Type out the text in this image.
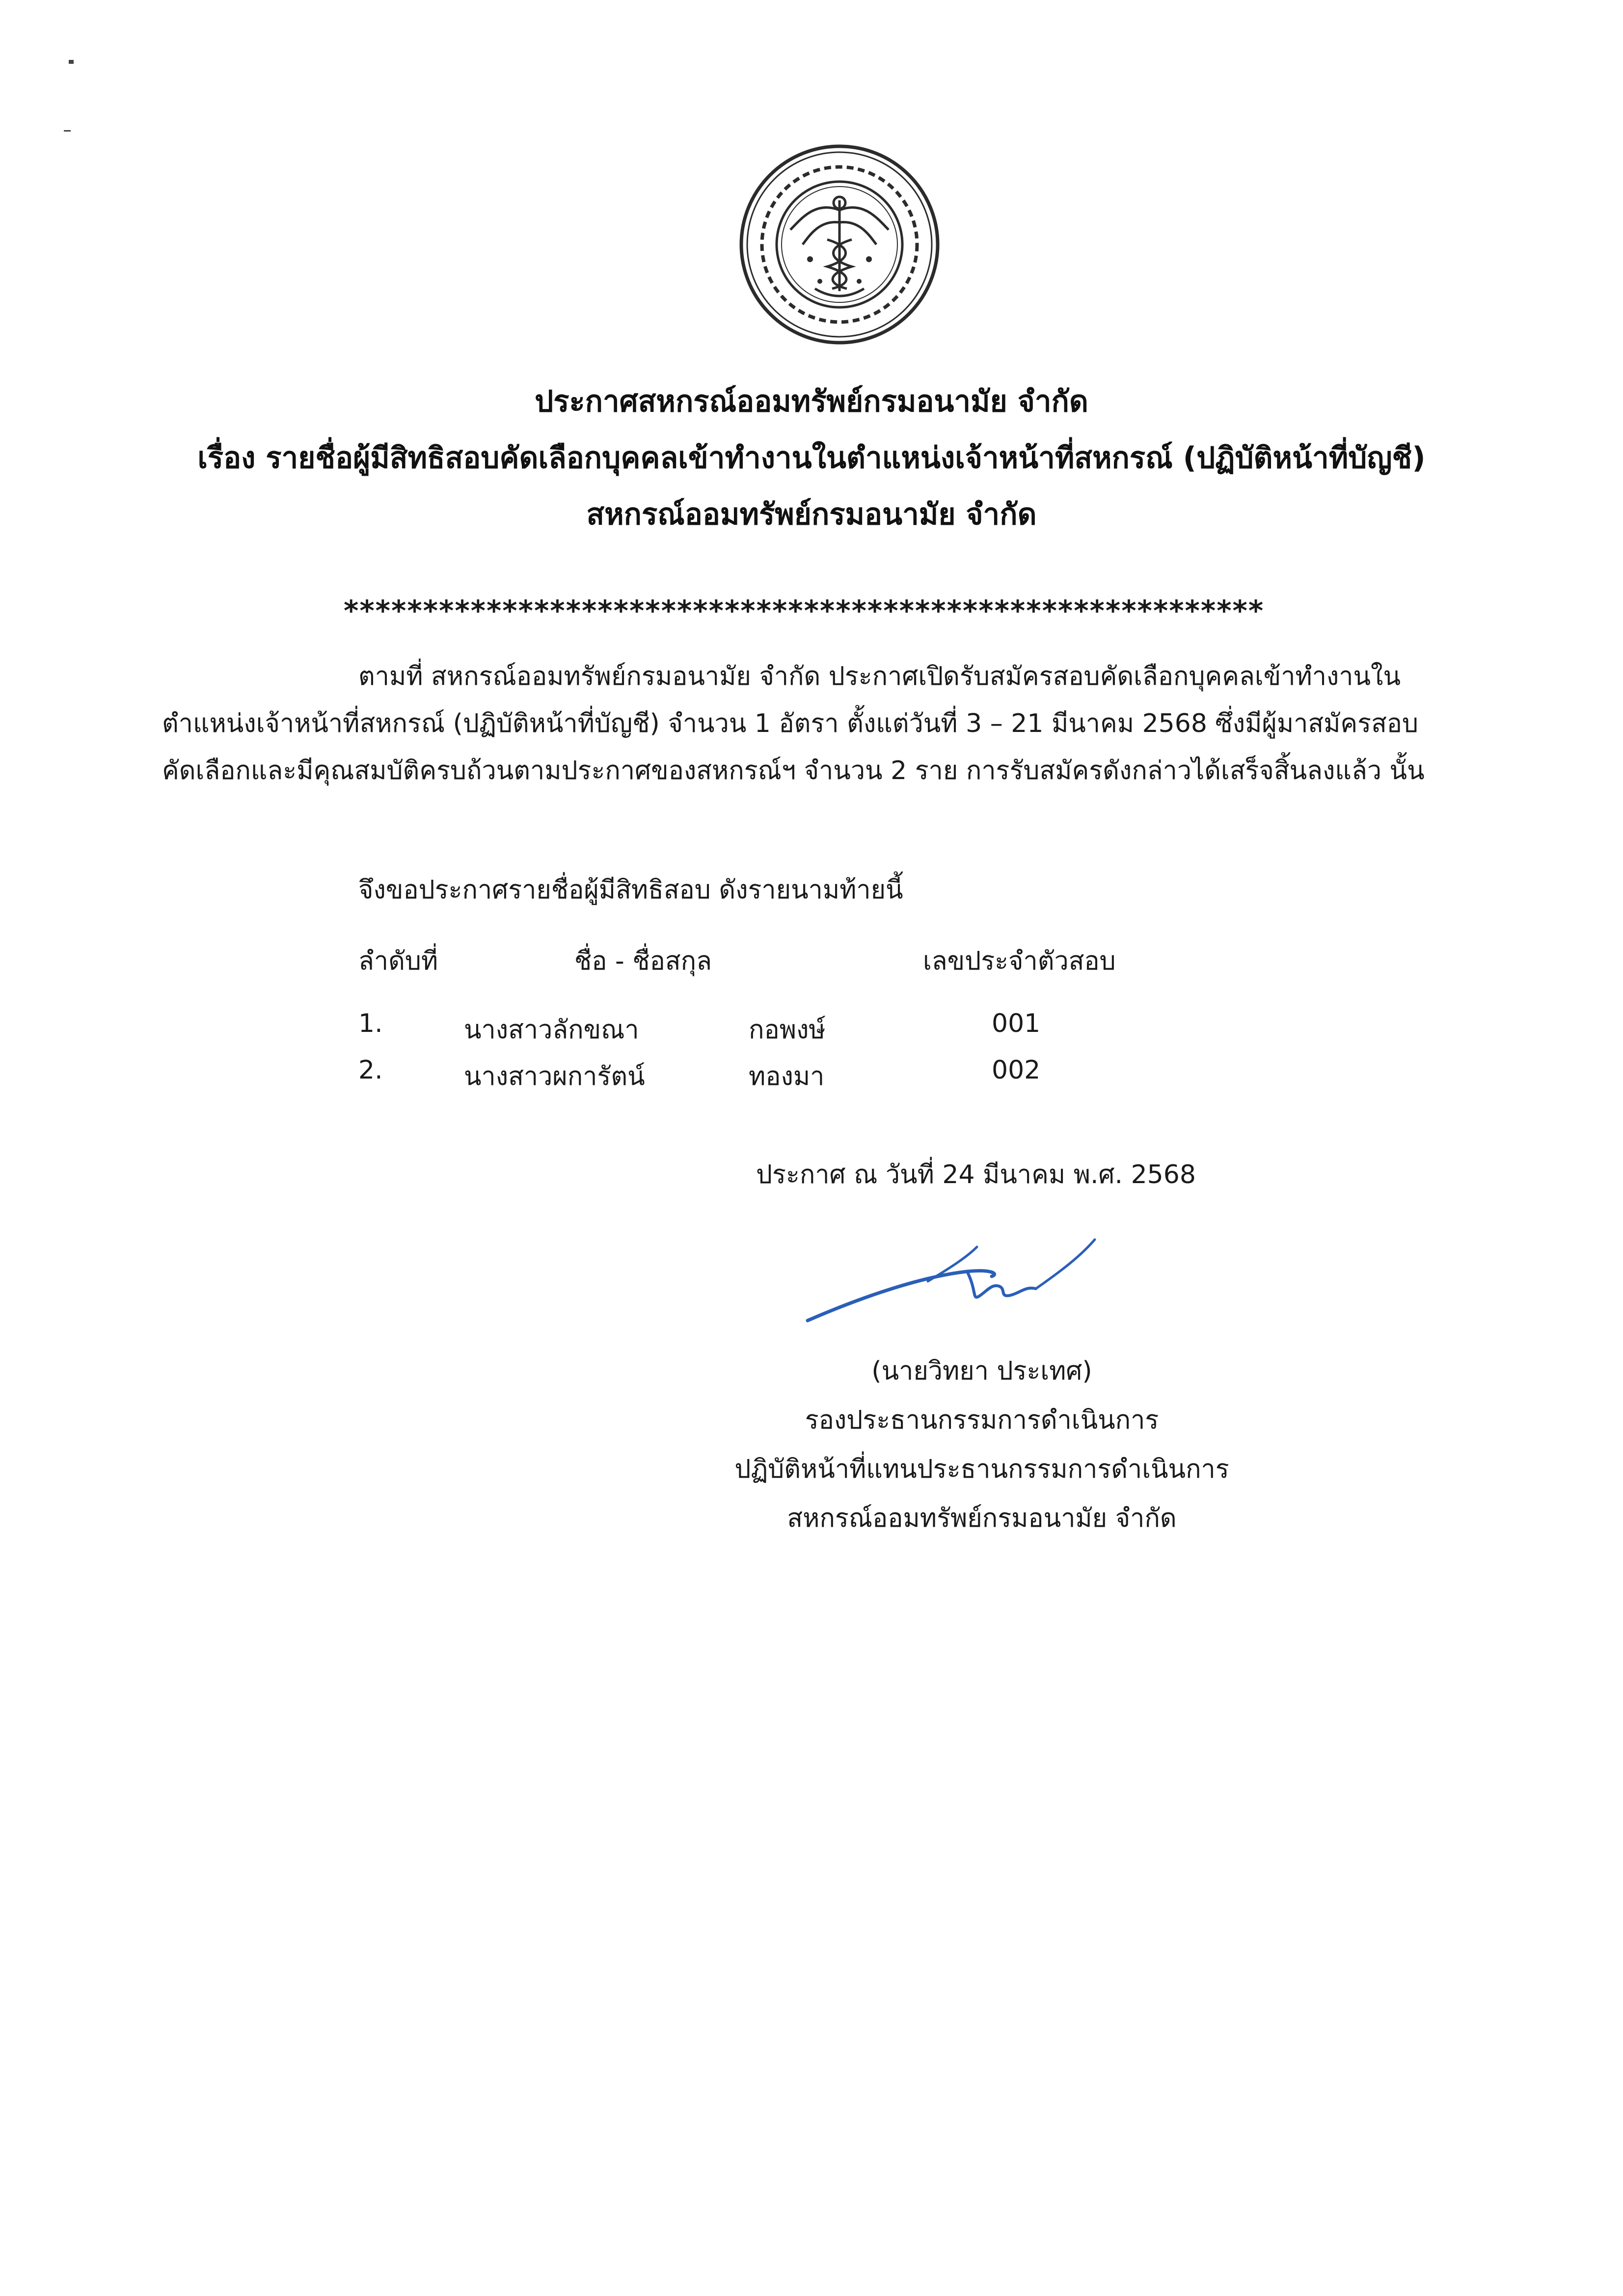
ประกาศสหกรณ์ออมทรัพย์กรมอนามัย จำกัด
เรื่อง รายชื่อผู้มีสิทธิสอบคัดเลือกบุคคลเข้าทำงานในตำแหน่งเจ้าหน้าที่สหกรณ์ (ปฏิบัติหน้าที่บัญชี)
สหกรณ์ออมทรัพย์กรมอนามัย จำกัด
**********************************************************

ตามที่ สหกรณ์ออมทรัพย์กรมอนามัย จำกัด ประกาศเปิดรับสมัครสอบคัดเลือกบุคคลเข้าทำงานในตำแหน่งเจ้าหน้าที่สหกรณ์ (ปฏิบัติหน้าที่บัญชี) จำนวน 1 อัตรา ตั้งแต่วันที่ 3 – 21 มีนาคม 2568 ซึ่งมีผู้มาสมัครสอบคัดเลือกและมีคุณสมบัติครบถ้วนตามประกาศของสหกรณ์ฯ จำนวน 2 ราย การรับสมัครดังกล่าวได้เสร็จสิ้นลงแล้ว นั้น

จึงขอประกาศรายชื่อผู้มีสิทธิสอบ ดังรายนามท้ายนี้
ลำดับที่	ชื่อ - ชื่อสกุล	เลขประจำตัวสอบ
1.	นางสาวลักขณา	กอพงษ์	001
2.	นางสาวผการัตน์	ทองมา	002
ประกาศ ณ วันที่ 24 มีนาคม พ.ศ. 2568
(นายวิทยา ประเทศ)
รองประธานกรรมการดำเนินการ
ปฏิบัติหน้าที่แทนประธานกรรมการดำเนินการ
สหกรณ์ออมทรัพย์กรมอนามัย จำกัด
